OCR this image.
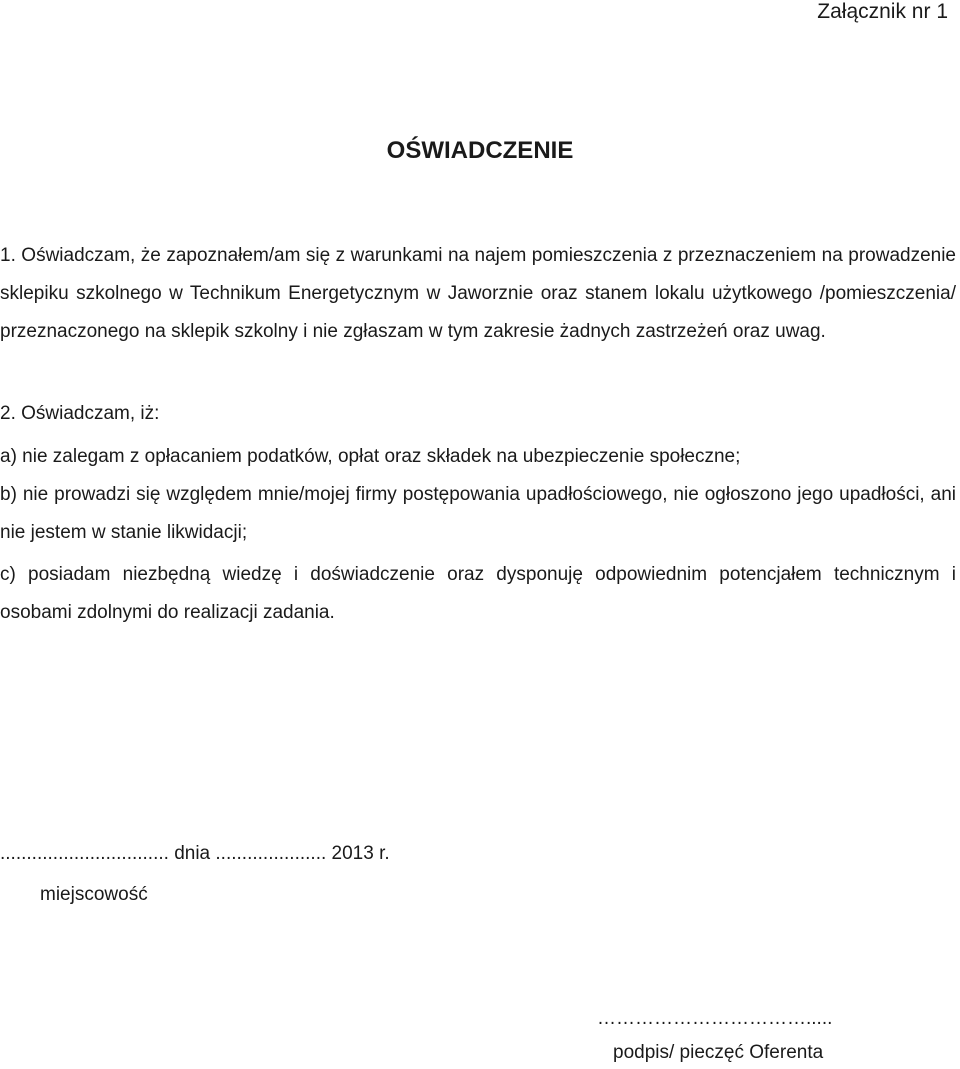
Załącznik nr 1
OŚWIADCZENIE
1. Oświadczam, że zapoznałem/am się z warunkami na najem pomieszczenia z przeznaczeniem na prowadzenie sklepiku szkolnego w Technikum Energetycznym w Jaworznie oraz stanem lokalu użytkowego /pomieszczenia/ przeznaczonego na sklepik szkolny i nie zgłaszam w tym zakresie żadnych zastrzeżeń oraz uwag.
2. Oświadczam, iż:
a) nie zalegam z opłacaniem podatków, opłat oraz składek na ubezpieczenie społeczne;
b) nie prowadzi się względem mnie/mojej firmy postępowania upadłościowego, nie ogłoszono jego upadłości, ani nie jestem w stanie likwidacji;
c) posiadam niezbędną wiedzę i doświadczenie oraz dysponuję odpowiednim potencjałem technicznym i osobami zdolnymi do realizacji zadania.
................................ dnia ..................... 2013 r.
miejscowość
…………………………….....
podpis/ pieczęć Oferenta
